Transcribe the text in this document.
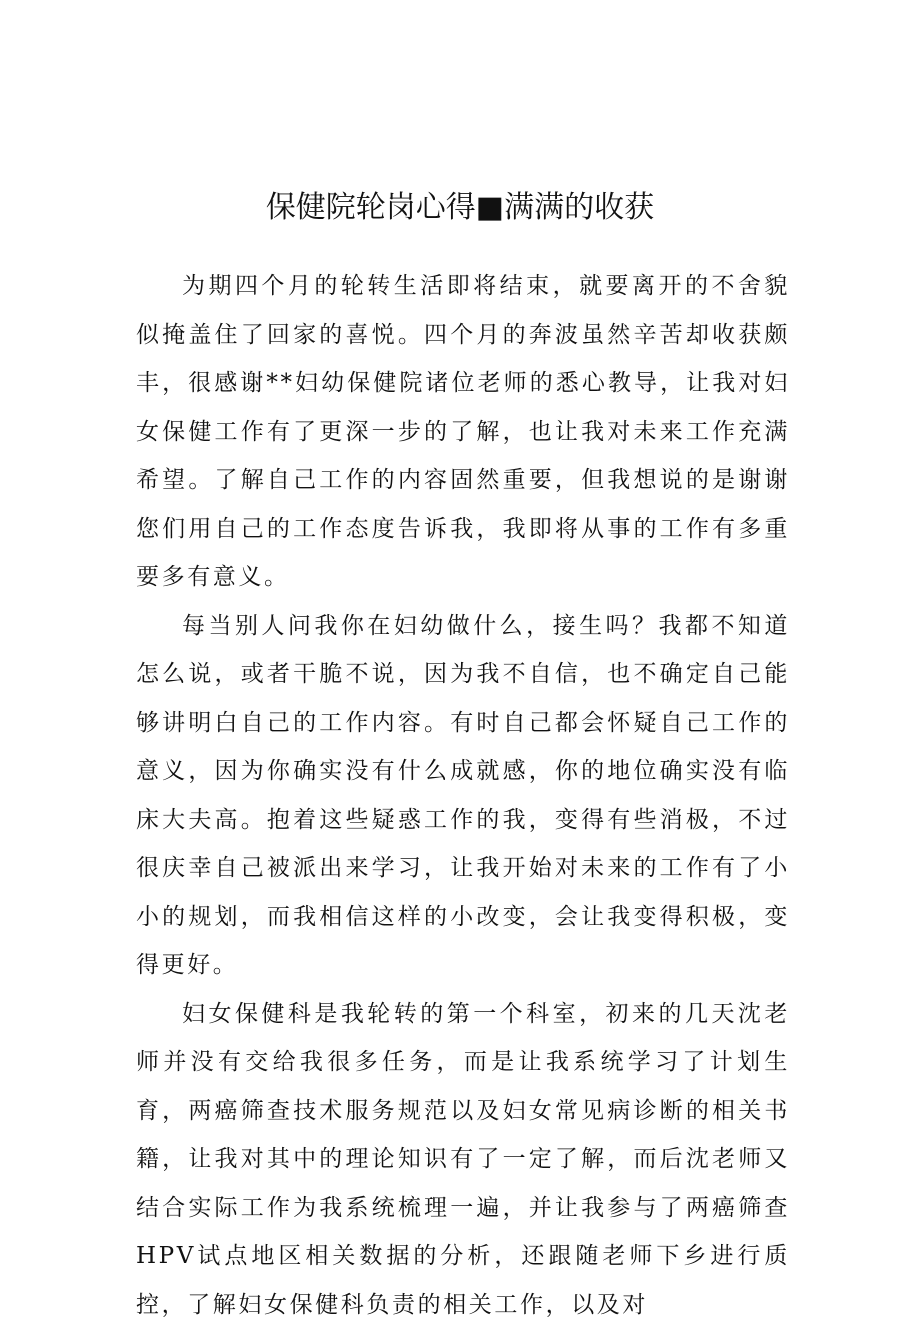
保健院轮岗心得■满满的收获

为期四个月的轮转生活即将结束，就要离开的不舍貌似掩盖住了回家的喜悦。四个月的奔波虽然辛苦却收获颇丰，很感谢**妇幼保健院诸位老师的悉心教导，让我对妇女保健工作有了更深一步的了解，也让我对未来工作充满希望。了解自己工作的内容固然重要，但我想说的是谢谢您们用自己的工作态度告诉我，我即将从事的工作有多重要多有意义。

每当别人问我你在妇幼做什么，接生吗？我都不知道怎么说，或者干脆不说，因为我不自信，也不确定自己能够讲明白自己的工作内容。有时自己都会怀疑自己工作的意义，因为你确实没有什么成就感，你的地位确实没有临床大夫高。抱着这些疑惑工作的我，变得有些消极，不过很庆幸自己被派出来学习，让我开始对未来的工作有了小小的规划，而我相信这样的小改变，会让我变得积极，变得更好。

妇女保健科是我轮转的第一个科室，初来的几天沈老师并没有交给我很多任务，而是让我系统学习了计划生育，两癌筛查技术服务规范以及妇女常见病诊断的相关书籍，让我对其中的理论知识有了一定了解，而后沈老师又结合实际工作为我系统梳理一遍，并让我参与了两癌筛查HPV试点地区相关数据的分析，还跟随老师下乡进行质控，了解妇女保健科负责的相关工作，以及对
